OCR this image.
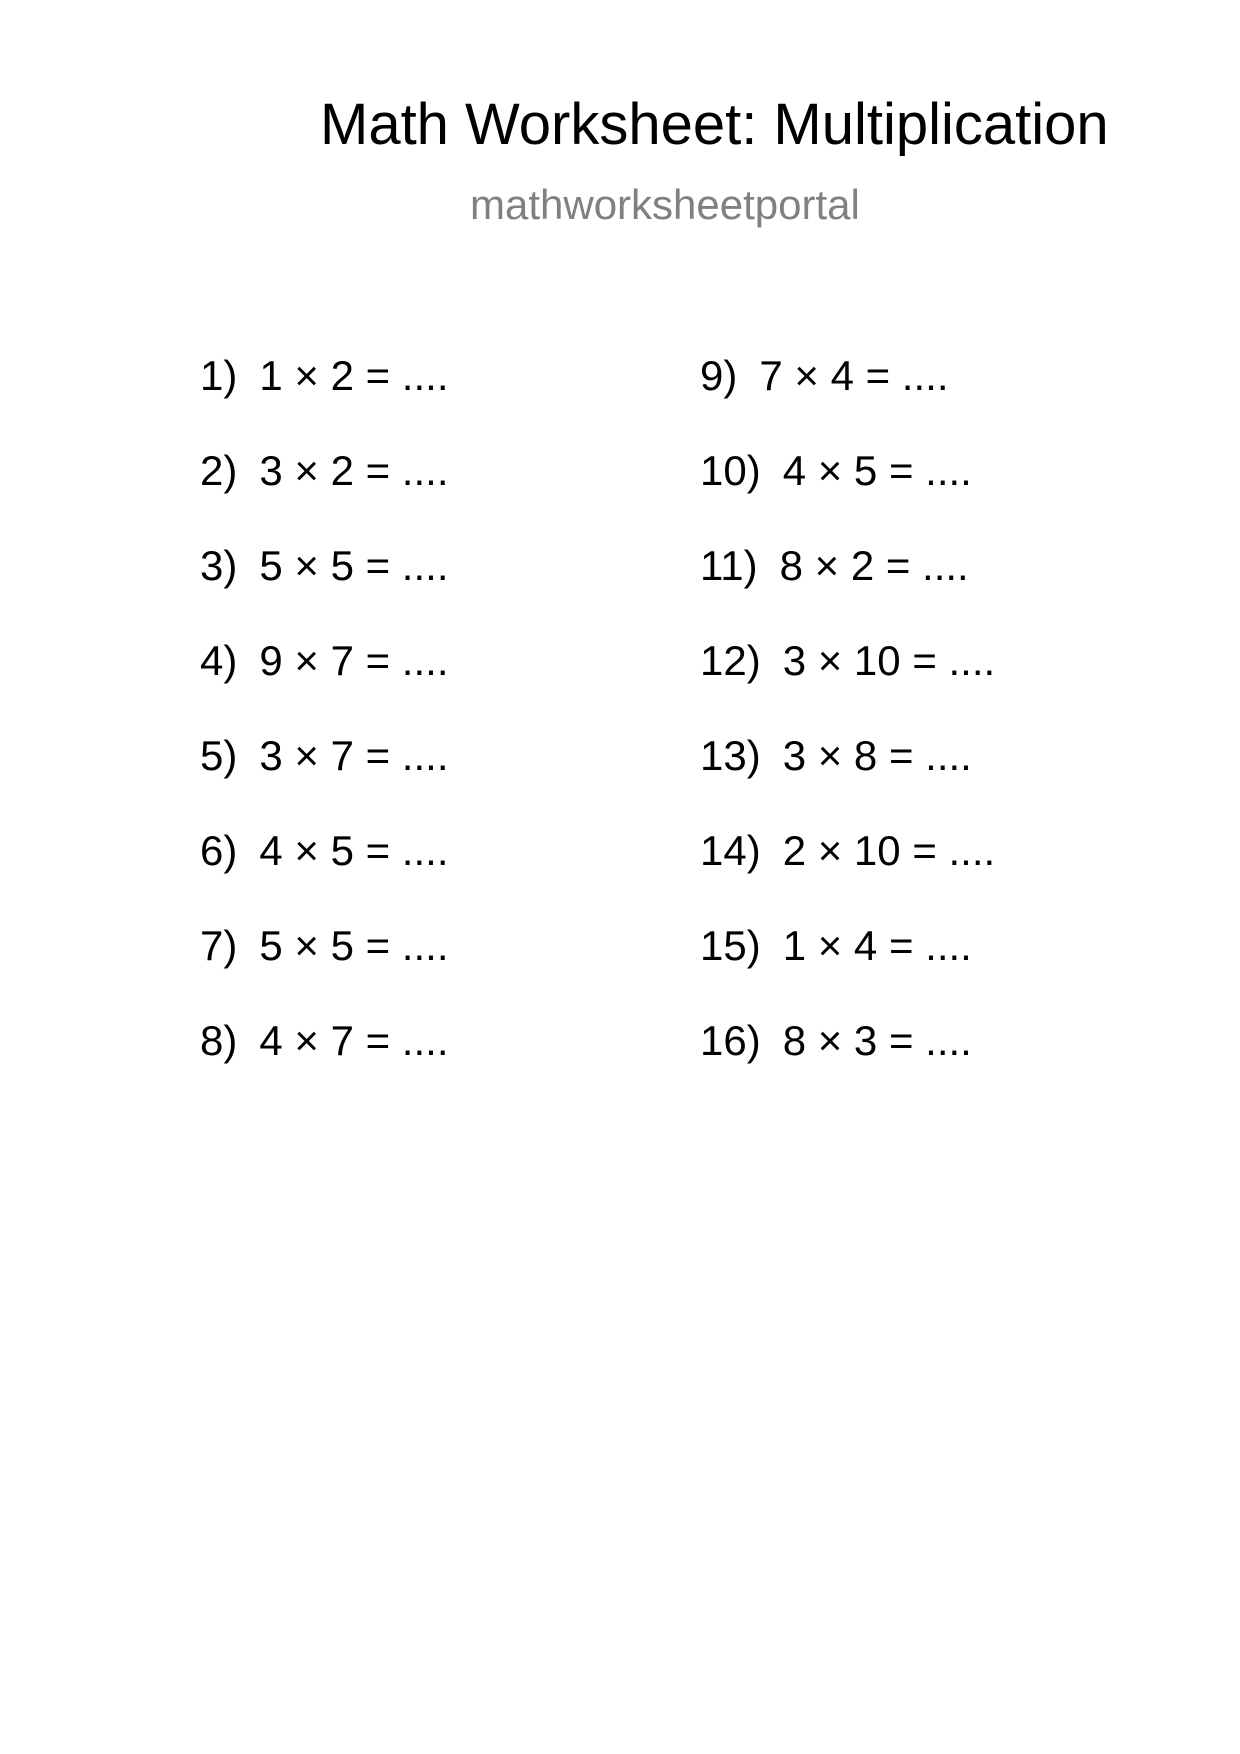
Math Worksheet: Multiplication
mathworksheetportal
1) 1 × 2 = ....
2) 3 × 2 = ....
3) 5 × 5 = ....
4) 9 × 7 = ....
5) 3 × 7 = ....
6) 4 × 5 = ....
7) 5 × 5 = ....
8) 4 × 7 = ....
9) 7 × 4 = ....
10) 4 × 5 = ....
11) 8 × 2 = ....
12) 3 × 10 = ....
13) 3 × 8 = ....
14) 2 × 10 = ....
15) 1 × 4 = ....
16) 8 × 3 = ....
